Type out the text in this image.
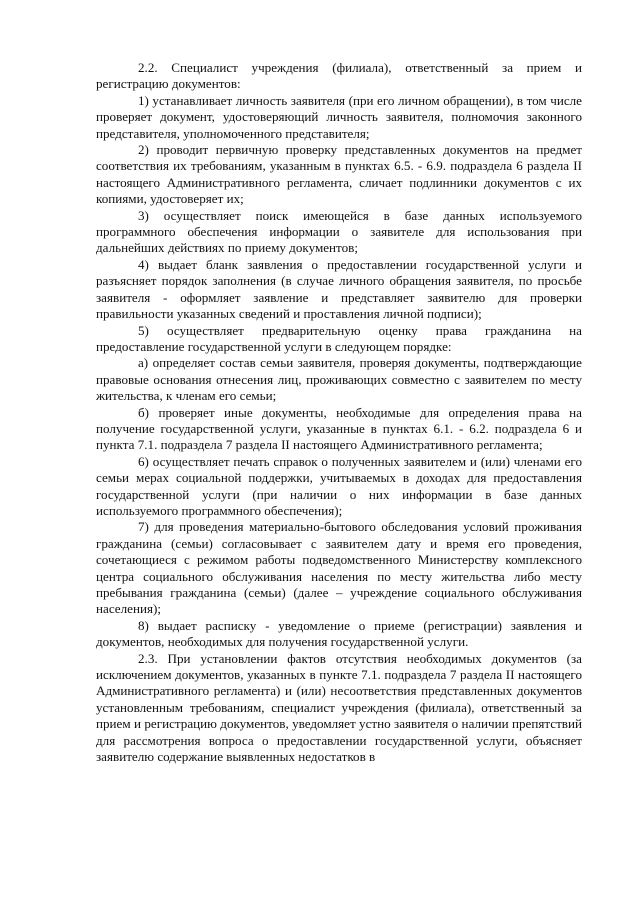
2.2. Специалист учреждения (филиала), ответственный за прием и регистрацию документов:

1) устанавливает личность заявителя (при его личном обращении), в том числе проверяет документ, удостоверяющий личность заявителя, полномочия законного представителя, уполномоченного представителя;

2) проводит первичную проверку представленных документов на предмет соответствия их требованиям, указанным в пунктах 6.5. - 6.9. подраздела 6 раздела II настоящего Административного регламента, сличает подлинники документов с их копиями, удостоверяет их;

3) осуществляет поиск имеющейся в базе данных используемого программного обеспечения информации о заявителе для использования при дальнейших действиях по приему документов;

4) выдает бланк заявления о предоставлении государственной услуги и разъясняет порядок заполнения (в случае личного обращения заявителя, по просьбе заявителя - оформляет заявление и представляет заявителю для проверки правильности указанных сведений и проставления личной подписи);

5) осуществляет предварительную оценку права гражданина на предоставление государственной услуги в следующем порядке:

а) определяет состав семьи заявителя, проверяя документы, подтверждающие правовые основания отнесения лиц, проживающих совместно с заявителем по месту жительства, к членам его семьи;

б) проверяет иные документы, необходимые для определения права на получение государственной услуги, указанные в пунктах 6.1. - 6.2. подраздела 6 и пункта 7.1. подраздела 7 раздела II настоящего Административного регламента;

6) осуществляет печать справок о полученных заявителем и (или) членами его семьи мерах социальной поддержки, учитываемых в доходах для предоставления государственной услуги (при наличии о них информации в базе данных используемого программного обеспечения);

7) для проведения материально-бытового обследования условий проживания гражданина (семьи) согласовывает с заявителем дату и время его проведения, сочетающиеся с режимом работы подведомственного Министерству комплексного центра социального обслуживания населения по месту жительства либо месту пребывания гражданина (семьи) (далее – учреждение социального обслуживания населения);

8) выдает расписку - уведомление о приеме (регистрации) заявления и документов, необходимых для получения государственной услуги.

2.3. При установлении фактов отсутствия необходимых документов (за исключением документов, указанных в пункте 7.1. подраздела 7 раздела II настоящего Административного регламента) и (или) несоответствия представленных документов установленным требованиям, специалист учреждения (филиала), ответственный за прием и регистрацию документов, уведомляет устно заявителя о наличии препятствий для рассмотрения вопроса о предоставлении государственной услуги, объясняет заявителю содержание выявленных недостатков в
